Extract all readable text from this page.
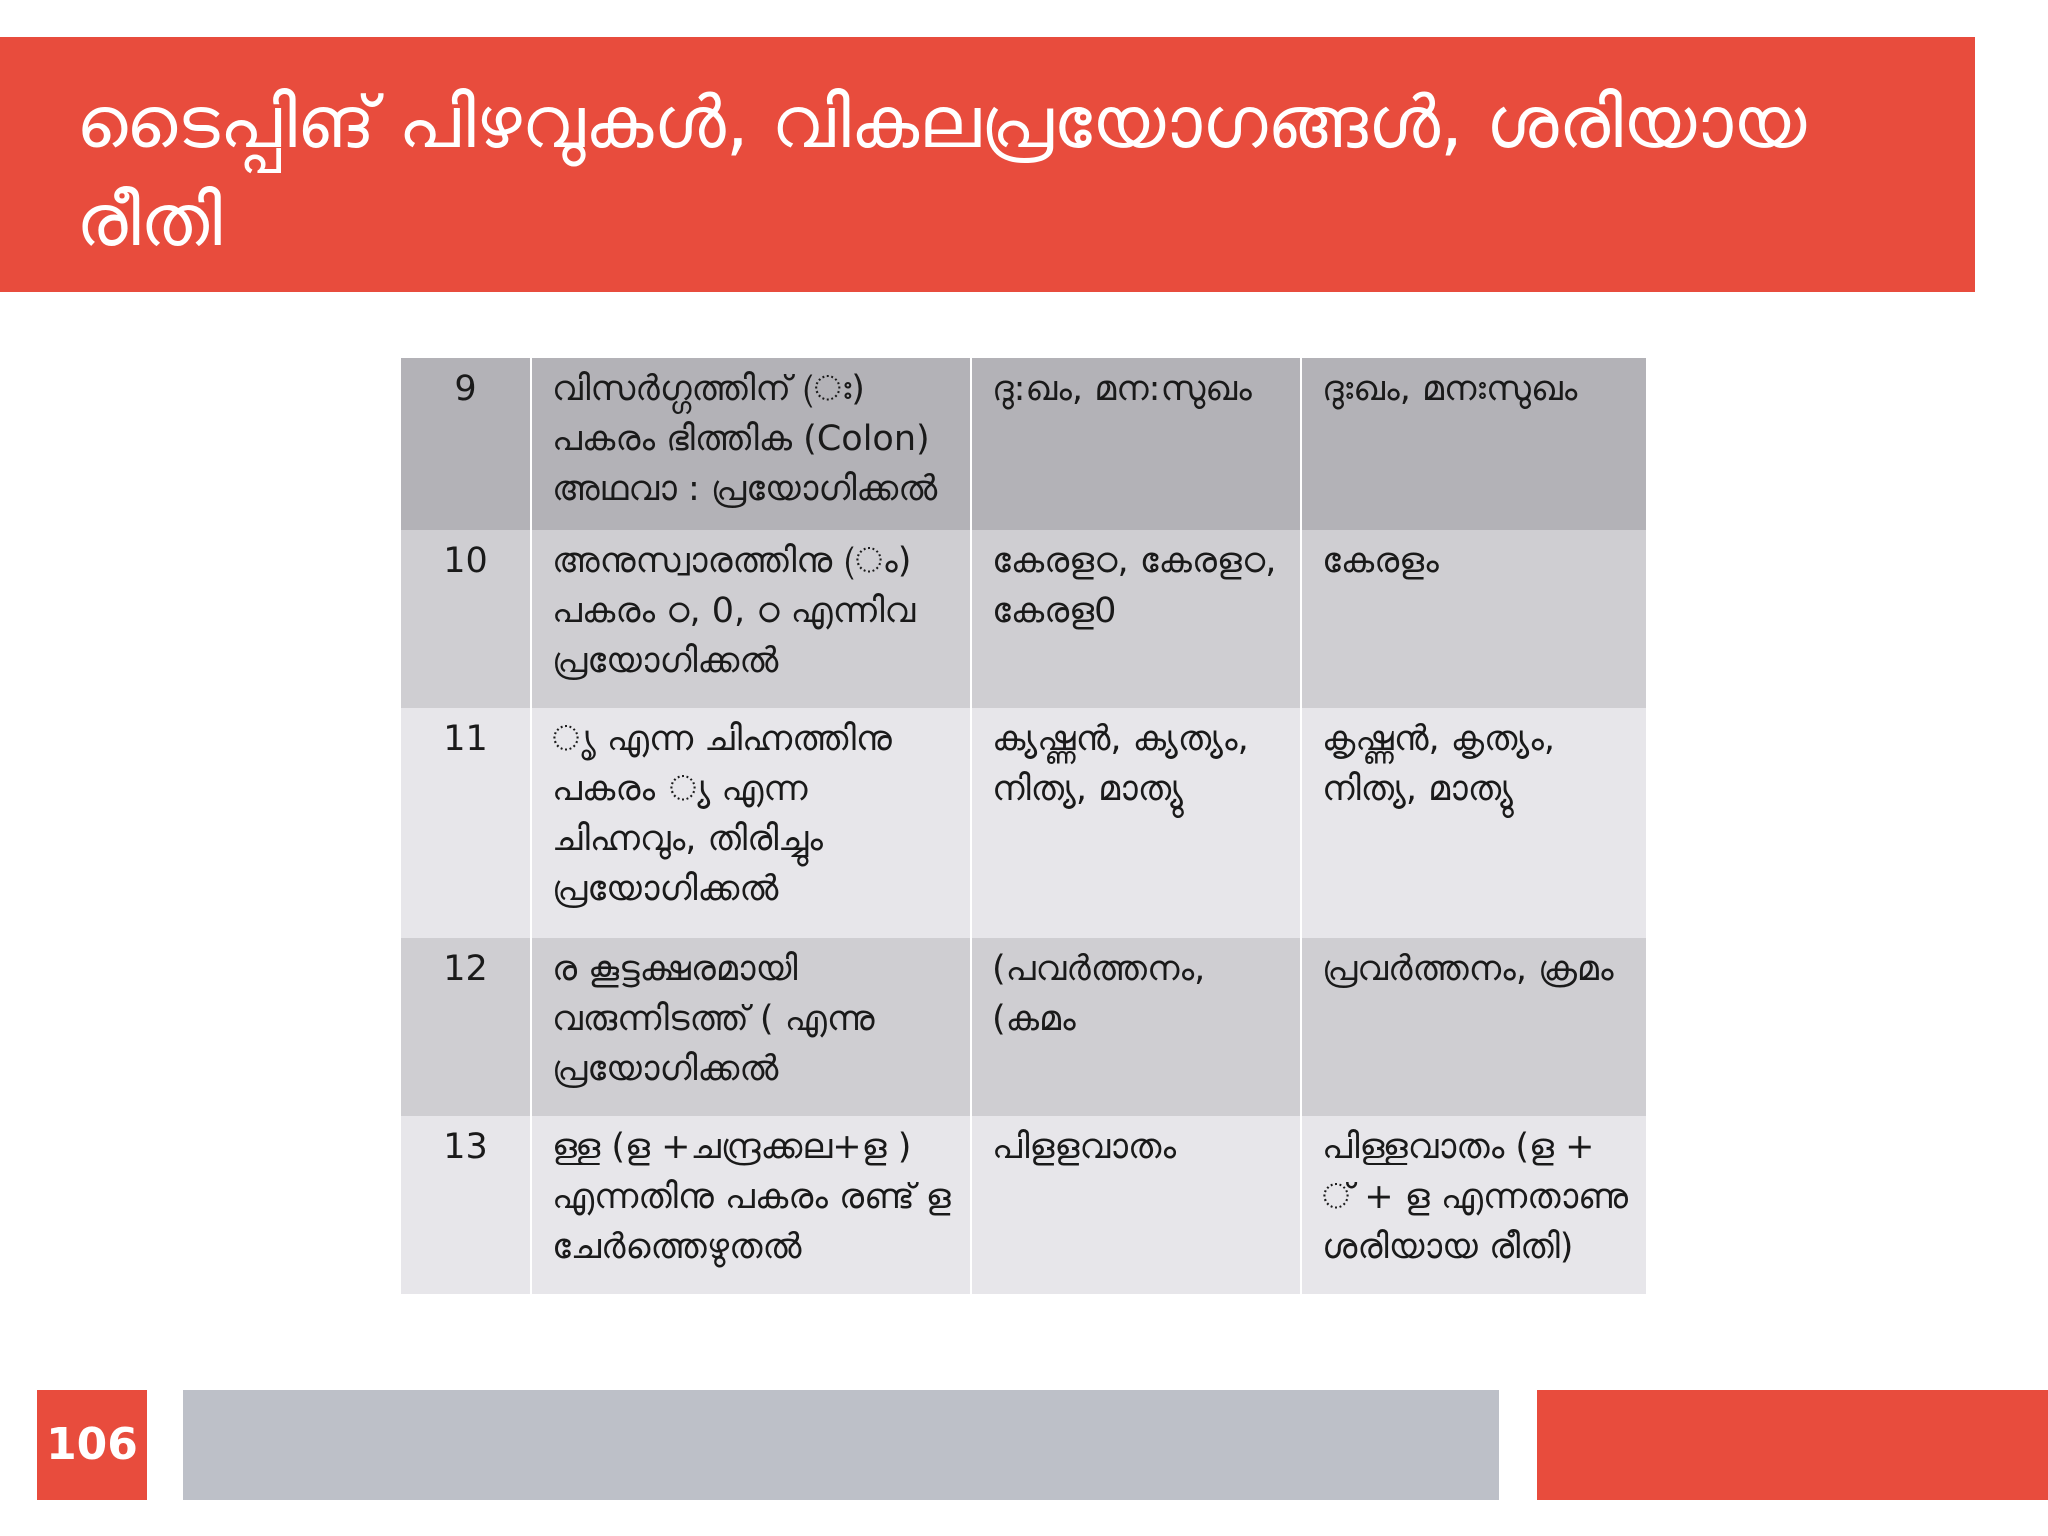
ടൈപ്പിങ് പിഴവുകൾ, വികലപ്രയോഗങ്ങൾ, ശരിയായ രീതി
9	വിസർഗ്ഗത്തിന് (ഃ) പകരം ഭിത്തിക (Colon) അഥവാ : പ്രയോഗിക്കൽ	ദു:ഖം, മന:സുഖം	ദുഃഖം, മനഃസുഖം
10	അനുസ്വാരത്തിനു (ം) പകരം ഠ, 0, ഠ എന്നിവ പ്രയോഗിക്കൽ	കേരളഠ, കേരളഠ, കേരള0	കേരളം
11	ൃ എന്ന ചിഹ്നത്തിനു പകരം ്യ എന്ന ചിഹ്നവും, തിരിച്ചും പ്രയോഗിക്കൽ	ക്യഷ്ണൻ, ക്യത്യം, നിത്യ, മാത്യു	കൃഷ്ണൻ, കൃത്യം, നിത്യ, മാത്യു
12	ര കൂട്ടക്ഷരമായി വരുന്നിടത്ത് ( എന്നു പ്രയോഗിക്കൽ	(പവർത്തനം, (കമം	പ്രവർത്തനം, ക്രമം
13	ള്ള (ള +ചന്ദ്രക്കല+ള ) എന്നതിനു പകരം രണ്ട് ള ചേർത്തെഴുതൽ	പിളളവാതം	പിള്ളവാതം (ള + ് + ള എന്നതാണു ശരിയായ രീതി)
106
